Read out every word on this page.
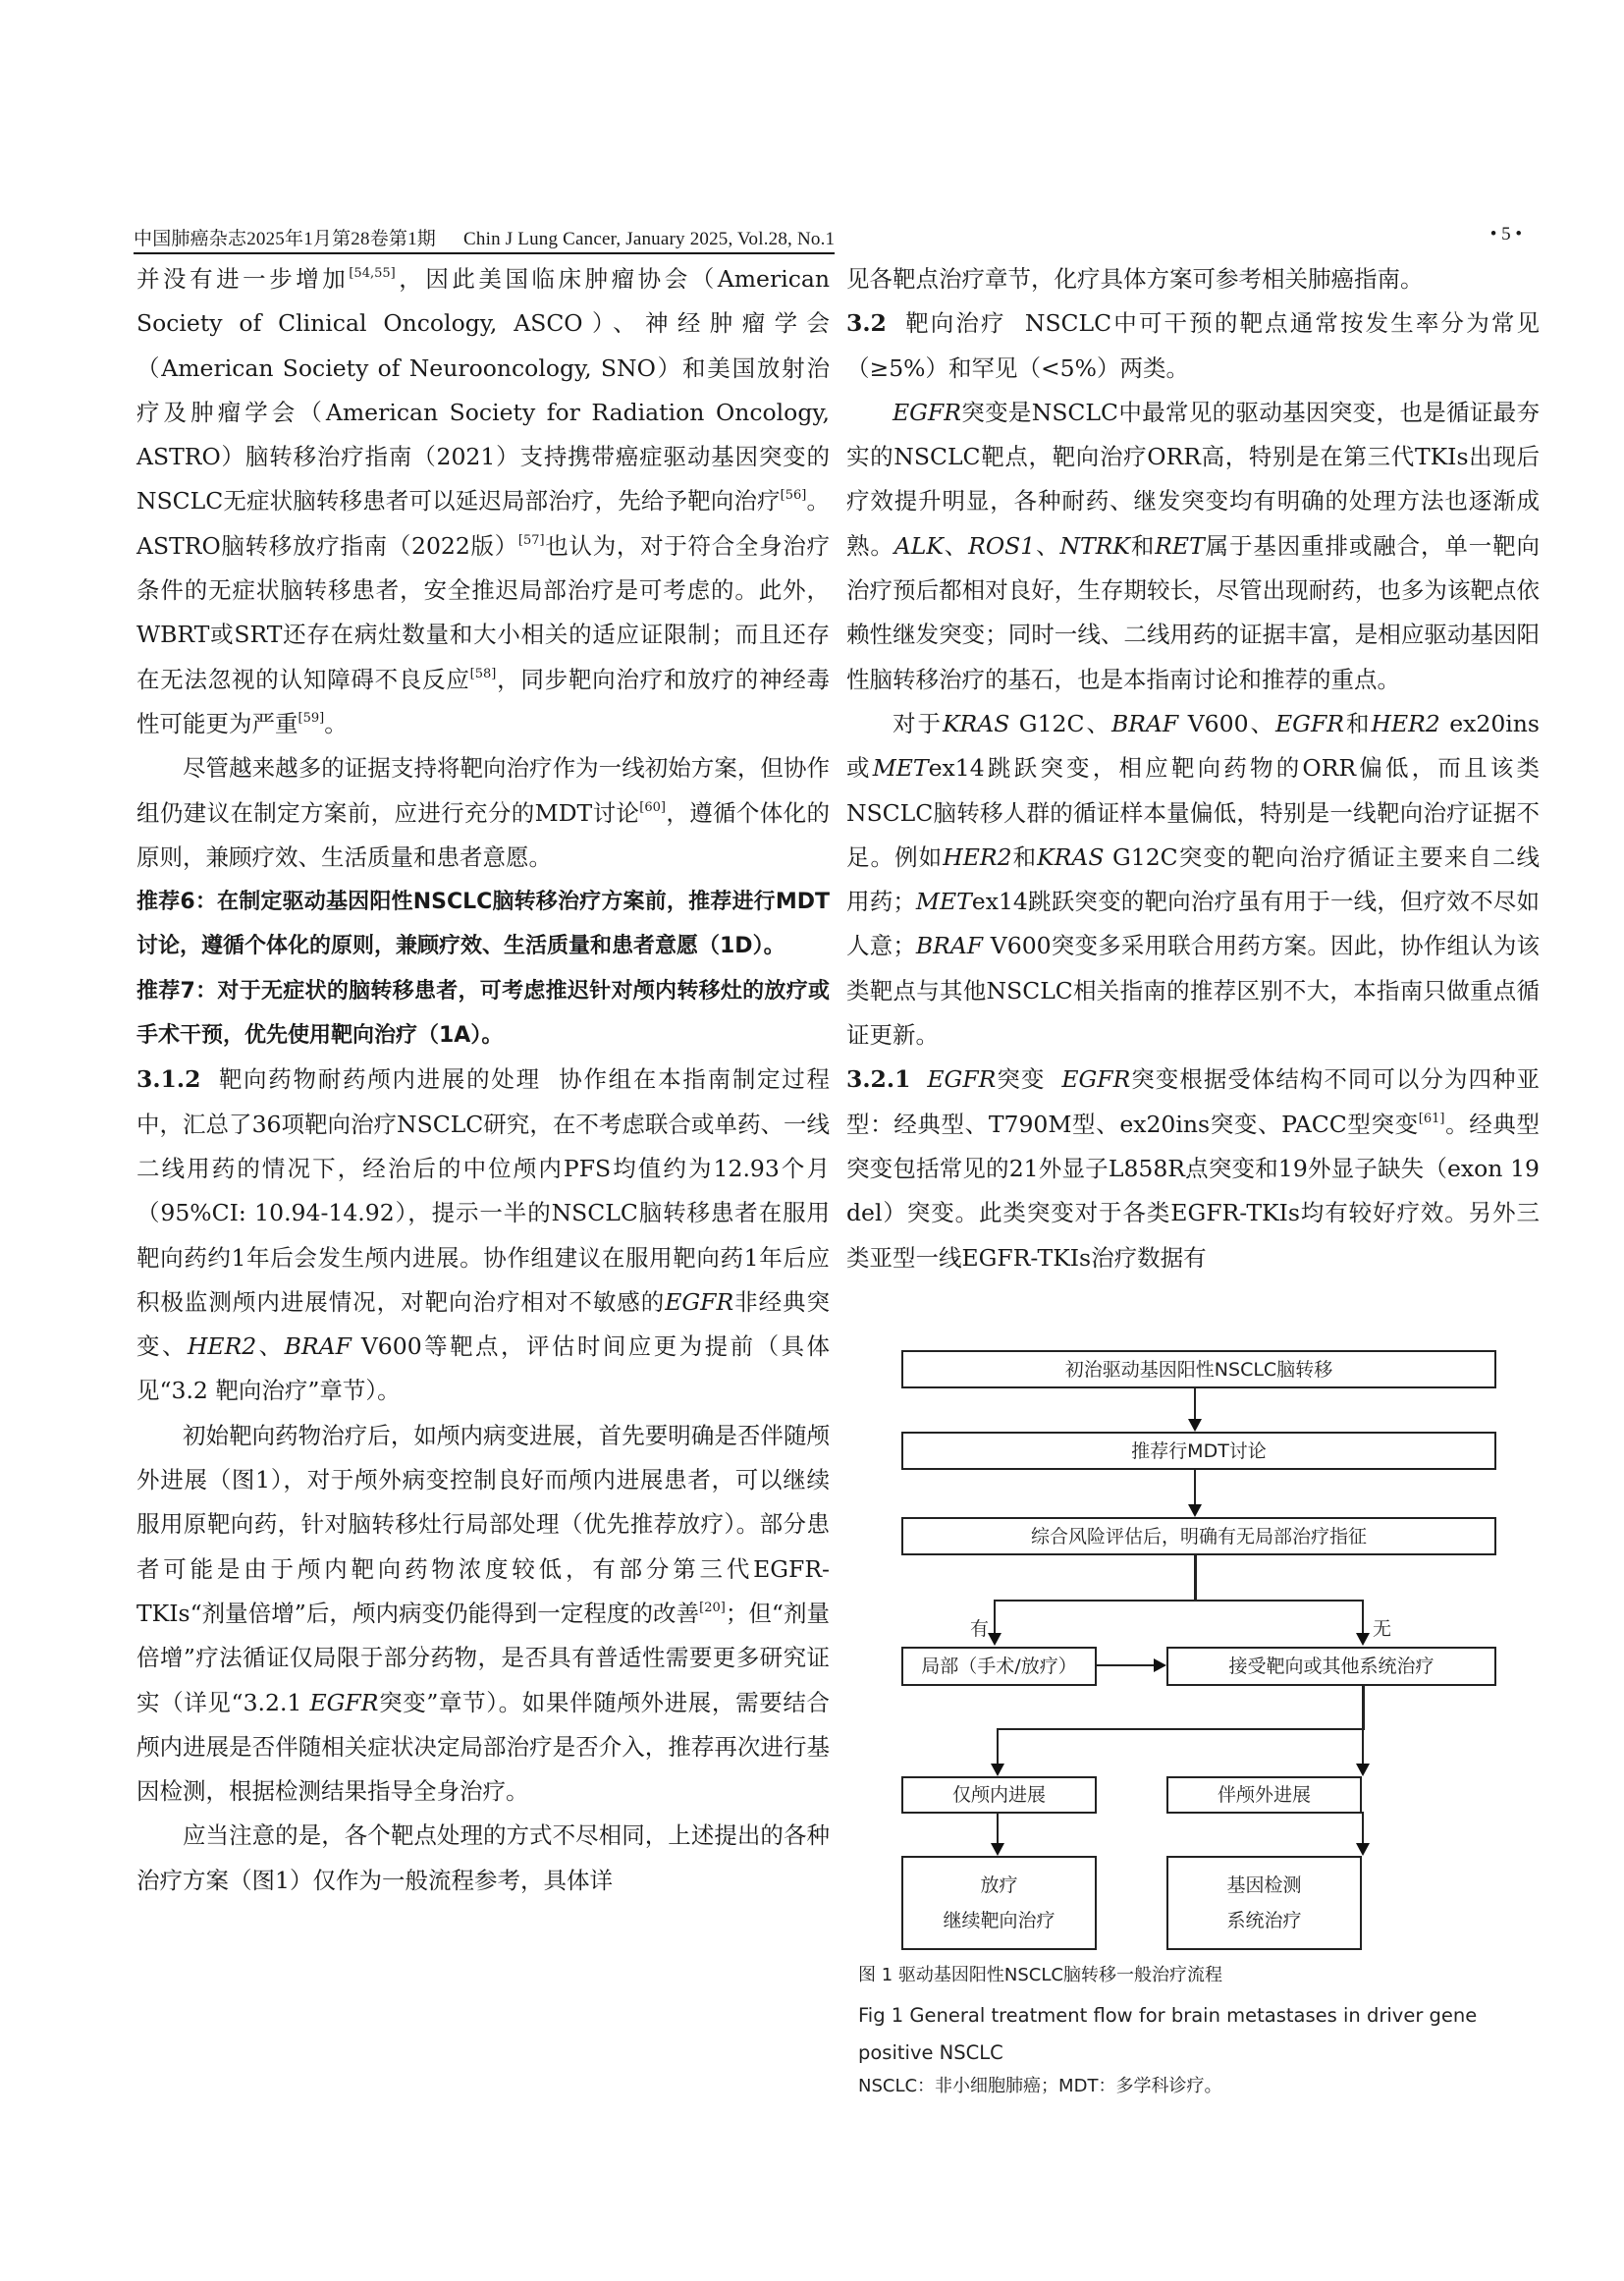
中国肺癌杂志2025年1月第28卷第1期 Chin J Lung Cancer, January 2025, Vol.28, No.1	• 5 •

并没有进一步增加[54,55]，因此美国临床肿瘤协会（American Society of Clinical Oncology, ASCO）、神经肿瘤学会（American Society of Neurooncology, SNO）和美国放射治疗及肿瘤学会（American Society for Radiation Oncology, ASTRO）脑转移治疗指南（2021）支持携带癌症驱动基因突变的NSCLC无症状脑转移患者可以延迟局部治疗，先给予靶向治疗[56]。ASTRO脑转移放疗指南（2022版）[57]也认为，对于符合全身治疗条件的无症状脑转移患者，安全推迟局部治疗是可考虑的。此外，WBRT或SRT还存在病灶数量和大小相关的适应证限制；而且还存在无法忽视的认知障碍不良反应[58]，同步靶向治疗和放疗的神经毒性可能更为严重[59]。

尽管越来越多的证据支持将靶向治疗作为一线初始方案，但协作组仍建议在制定方案前，应进行充分的MDT讨论[60]，遵循个体化的原则，兼顾疗效、生活质量和患者意愿。

推荐6：在制定驱动基因阳性NSCLC脑转移治疗方案前，推荐进行MDT讨论，遵循个体化的原则，兼顾疗效、生活质量和患者意愿（1D）。

推荐7：对于无症状的脑转移患者，可考虑推迟针对颅内转移灶的放疗或手术干预，优先使用靶向治疗（1A）。

3.1.2 靶向药物耐药颅内进展的处理 协作组在本指南制定过程中，汇总了36项靶向治疗NSCLC研究，在不考虑联合或单药、一线二线用药的情况下，经治后的中位颅内PFS均值约为12.93个月（95%CI: 10.94-14.92），提示一半的NSCLC脑转移患者在服用靶向药约1年后会发生颅内进展。协作组建议在服用靶向药1年后应积极监测颅内进展情况，对靶向治疗相对不敏感的EGFR非经典突变、HER2、BRAF V600等靶点，评估时间应更为提前（具体见“3.2 靶向治疗”章节）。

初始靶向药物治疗后，如颅内病变进展，首先要明确是否伴随颅外进展（图1），对于颅外病变控制良好而颅内进展患者，可以继续服用原靶向药，针对脑转移灶行局部处理（优先推荐放疗）。部分患者可能是由于颅内靶向药物浓度较低，有部分第三代EGFR-TKIs“剂量倍增”后，颅内病变仍能得到一定程度的改善[20]；但“剂量倍增”疗法循证仅局限于部分药物，是否具有普适性需要更多研究证实（详见“3.2.1 EGFR突变”章节）。如果伴随颅外进展，需要结合颅内进展是否伴随相关症状决定局部治疗是否介入，推荐再次进行基因检测，根据检测结果指导全身治疗。

应当注意的是，各个靶点处理的方式不尽相同，上述提出的各种治疗方案（图1）仅作为一般流程参考，具体详

见各靶点治疗章节，化疗具体方案可参考相关肺癌指南。

3.2 靶向治疗 NSCLC中可干预的靶点通常按发生率分为常见（≥5%）和罕见（<5%）两类。

EGFR突变是NSCLC中最常见的驱动基因突变，也是循证最夯实的NSCLC靶点，靶向治疗ORR高，特别是在第三代TKIs出现后疗效提升明显，各种耐药、继发突变均有明确的处理方法也逐渐成熟。ALK、ROS1、NTRK和RET属于基因重排或融合，单一靶向治疗预后都相对良好，生存期较长，尽管出现耐药，也多为该靶点依赖性继发突变；同时一线、二线用药的证据丰富，是相应驱动基因阳性脑转移治疗的基石，也是本指南讨论和推荐的重点。

对于KRAS G12C、BRAF V600、EGFR和HER2 ex20ins或METex14跳跃突变，相应靶向药物的ORR偏低，而且该类NSCLC脑转移人群的循证样本量偏低，特别是一线靶向治疗证据不足。例如HER2和KRAS G12C突变的靶向治疗循证主要来自二线用药；METex14跳跃突变的靶向治疗虽有用于一线，但疗效不尽如人意；BRAF V600突变多采用联合用药方案。因此，协作组认为该类靶点与其他NSCLC相关指南的推荐区别不大，本指南只做重点循证更新。

3.2.1 EGFR突变 EGFR突变根据受体结构不同可以分为四种亚型：经典型、T790M型、ex20ins突变、PACC型突变[61]。经典型突变包括常见的21外显子L858R点突变和19外显子缺失（exon 19 del）突变。此类突变对于各类EGFR-TKIs均有较好疗效。另外三类亚型一线EGFR-TKIs治疗数据有

初治驱动基因阳性NSCLC脑转移
推荐行MDT讨论
综合风险评估后，明确有无局部治疗指征
有	无
局部（手术/放疗）	接受靶向或其他系统治疗
仅颅内进展	伴颅外进展
放疗
继续靶向治疗
基因检测
系统治疗
图 1 驱动基因阳性NSCLC脑转移一般治疗流程
Fig 1 General treatment flow for brain metastases in driver gene positive NSCLC
NSCLC：非小细胞肺癌；MDT：多学科诊疗。
